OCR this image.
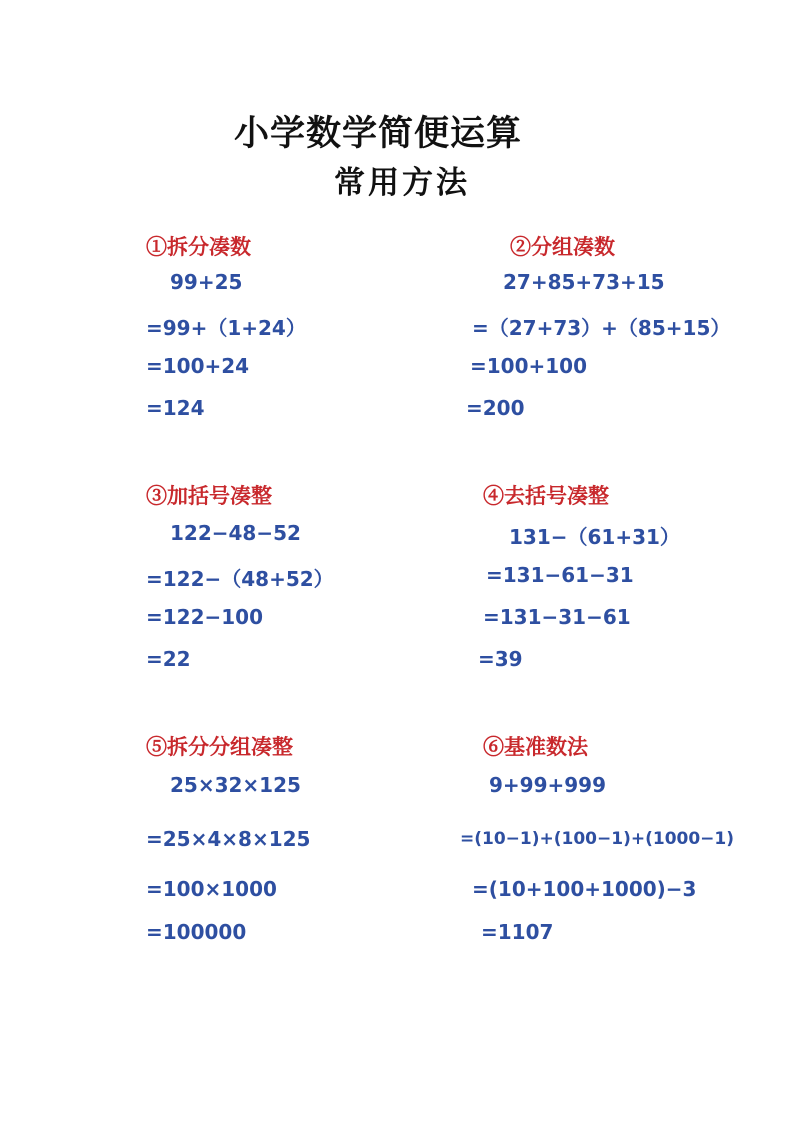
小学数学简便运算
常用方法
①拆分凑数
99+25
=99+（1+24）
=100+24
=124
②分组凑数
27+85+73+15
=（27+73）+（85+15）
=100+100
=200
③加括号凑整
122−48−52
=122−（48+52）
=122−100
=22
④去括号凑整
131−（61+31）
=131−61−31
=131−31−61
=39
⑤拆分分组凑整
25×32×125
=25×4×8×125
=100×1000
=100000
⑥基准数法
9+99+999
=(10−1)+(100−1)+(1000−1)
=(10+100+1000)−3
=1107
